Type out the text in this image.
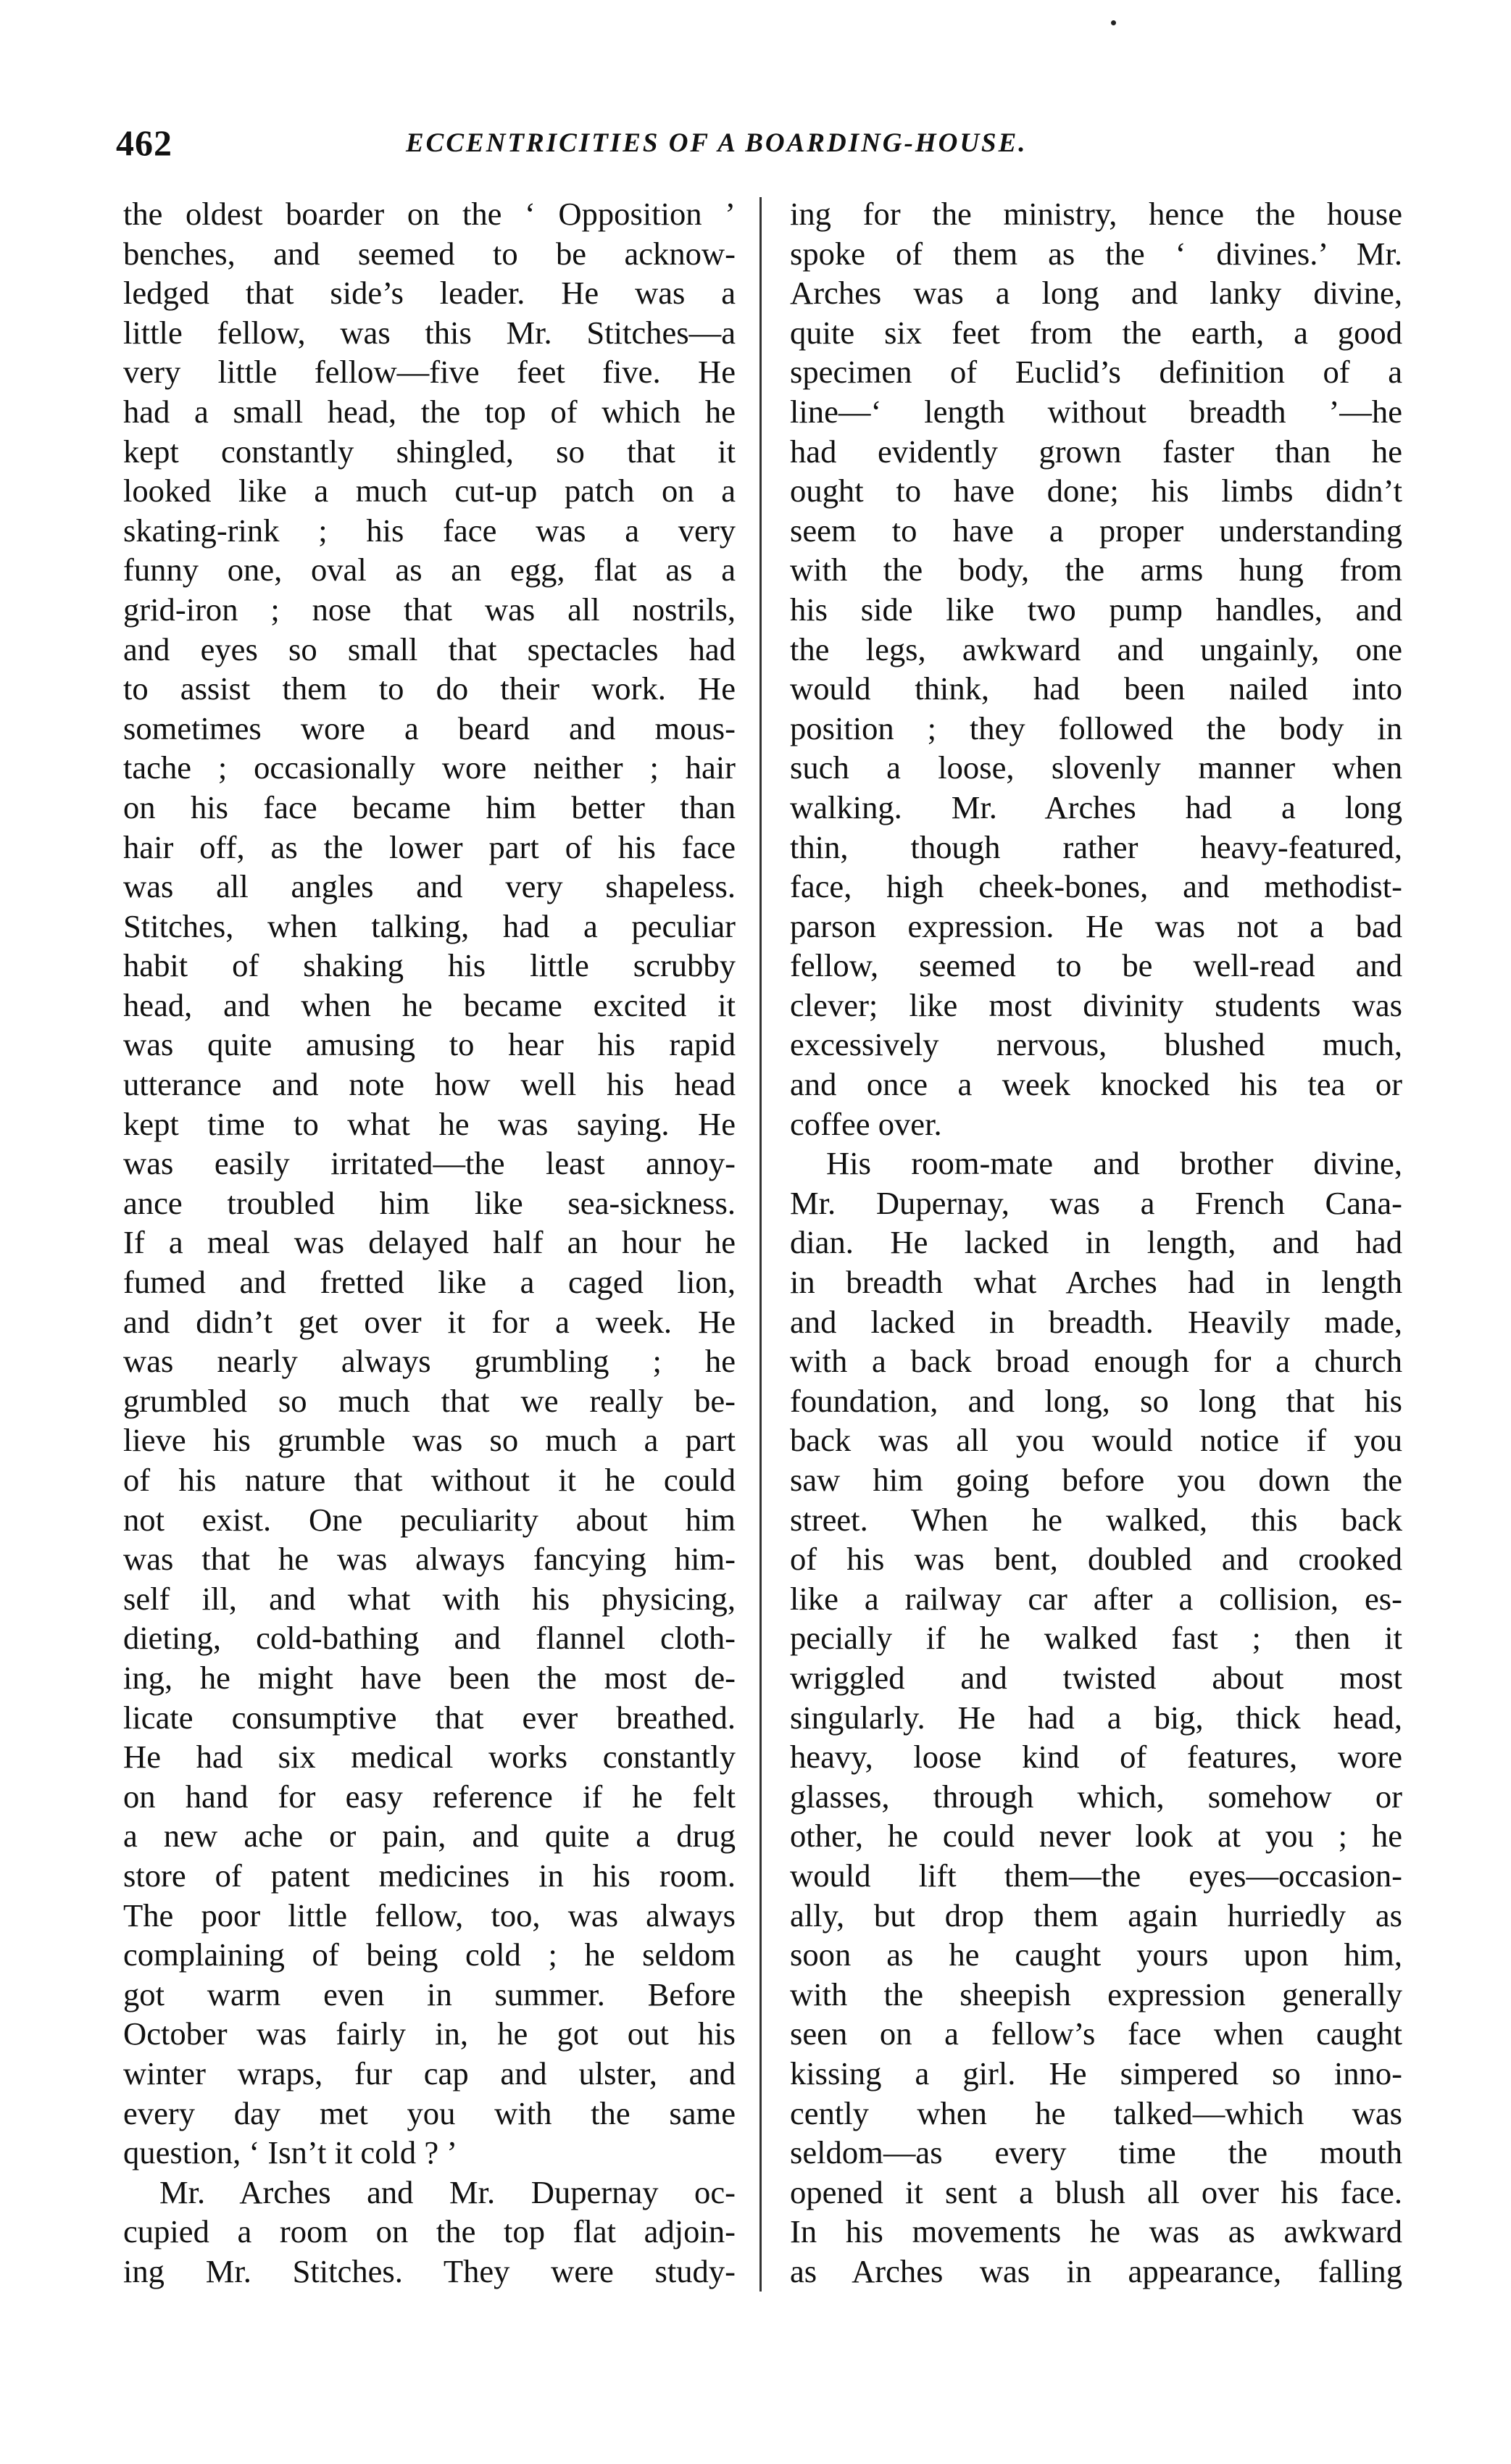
462	ECCENTRICITIES OF A BOARDING-HOUSE.
the oldest boarder on the ‘ Opposition ’
benches, and seemed to be acknow-
ledged that side’s leader. He was a
little fellow, was this Mr. Stitches—a
very little fellow—five feet five. He
had a small head, the top of which he
kept constantly shingled, so that it
looked like a much cut-up patch on a
skating-rink ; his face was a very
funny one, oval as an egg, flat as a
grid-iron ; nose that was all nostrils,
and eyes so small that spectacles had
to assist them to do their work. He
sometimes wore a beard and mous-
tache ; occasionally wore neither ; hair
on his face became him better than
hair off, as the lower part of his face
was all angles and very shapeless.
Stitches, when talking, had a peculiar
habit of shaking his little scrubby
head, and when he became excited it
was quite amusing to hear his rapid
utterance and note how well his head
kept time to what he was saying. He
was easily irritated—the least annoy-
ance troubled him like sea-sickness.
If a meal was delayed half an hour he
fumed and fretted like a caged lion,
and didn’t get over it for a week. He
was nearly always grumbling ; he
grumbled so much that we really be-
lieve his grumble was so much a part
of his nature that without it he could
not exist. One peculiarity about him
was that he was always fancying him-
self ill, and what with his physicing,
dieting, cold-bathing and flannel cloth-
ing, he might have been the most de-
licate consumptive that ever breathed.
He had six medical works constantly
on hand for easy reference if he felt
a new ache or pain, and quite a drug
store of patent medicines in his room.
The poor little fellow, too, was always
complaining of being cold ; he seldom
got warm even in summer. Before
October was fairly in, he got out his
winter wraps, fur cap and ulster, and
every day met you with the same
question, ‘ Isn’t it cold ? ’
Mr. Arches and Mr. Dupernay oc-
cupied a room on the top flat adjoin-
ing Mr. Stitches. They were study-
ing for the ministry, hence the house
spoke of them as the ‘ divines.’ Mr.
Arches was a long and lanky divine,
quite six feet from the earth, a good
specimen of Euclid’s definition of a
line—‘ length without breadth ’—he
had evidently grown faster than he
ought to have done; his limbs didn’t
seem to have a proper understanding
with the body, the arms hung from
his side like two pump handles, and
the legs, awkward and ungainly, one
would think, had been nailed into
position ; they followed the body in
such a loose, slovenly manner when
walking. Mr. Arches had a long
thin, though rather heavy-featured,
face, high cheek-bones, and methodist-
parson expression. He was not a bad
fellow, seemed to be well-read and
clever; like most divinity students was
excessively nervous, blushed much,
and once a week knocked his tea or
coffee over.
His room-mate and brother divine,
Mr. Dupernay, was a French Cana-
dian. He lacked in length, and had
in breadth what Arches had in length
and lacked in breadth. Heavily made,
with a back broad enough for a church
foundation, and long, so long that his
back was all you would notice if you
saw him going before you down the
street. When he walked, this back
of his was bent, doubled and crooked
like a railway car after a collision, es-
pecially if he walked fast ; then it
wriggled and twisted about most
singularly. He had a big, thick head,
heavy, loose kind of features, wore
glasses, through which, somehow or
other, he could never look at you ; he
would lift them—the eyes—occasion-
ally, but drop them again hurriedly as
soon as he caught yours upon him,
with the sheepish expression generally
seen on a fellow’s face when caught
kissing a girl. He simpered so inno-
cently when he talked—which was
seldom—as every time the mouth
opened it sent a blush all over his face.
In his movements he was as awkward
as Arches was in appearance, falling
